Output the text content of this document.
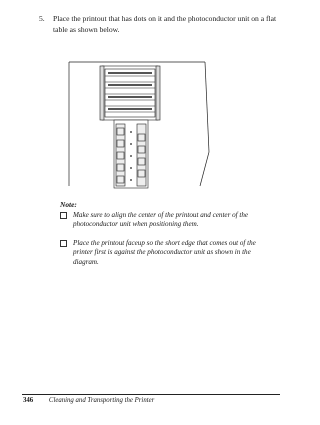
5. Place the printout that has dots on it and the photoconductor unit on a flat table as shown below.
Note:
Make sure to align the center of the printout and center of the photoconductor unit when positioning them.
Place the printout faceup so the short edge that comes out of the printer first is against the photoconductor unit as shown in the diagram.
346 Cleaning and Transporting the Printer
